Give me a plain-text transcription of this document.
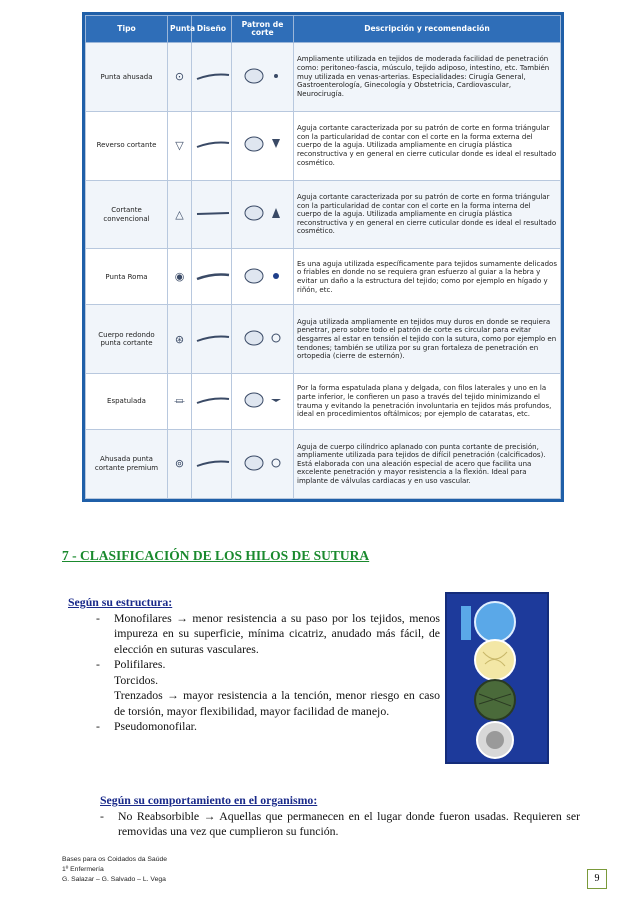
Tipo	Punta	Diseño	Patron de corte	Descripción y recomendación
Punta ahusada	⊙			Ampliamente utilizada en tejidos de moderada facilidad de penetración como: peritoneo-fascia, músculo, tejido adiposo, intestino, etc. También muy utilizada en venas-arterias. Especialidades: Cirugía General, Gastroenterología, Ginecología y Obstetricia, Cardiovascular, Neurocirugía.
Reverso cortante	▽			Aguja cortante caracterizada por su patrón de corte en forma triángular con la particularidad de contar con el corte en la forma externa del cuerpo de la aguja. Utilizada ampliamente en cirugía plástica reconstructiva y en general en cierre cuticular donde es ideal el resultado cosmético.
Cortante convencional	△			Aguja cortante caracterizada por su patrón de corte en forma triángular con la particularidad de contar con el corte en la forma interna del cuerpo de la aguja. Utilizada ampliamente en cirugía plástica reconstructiva y en general en cierre cuticular donde es ideal el resultado cosmético.
Punta Roma	◉			Es una aguja utilizada específicamente para tejidos sumamente delicados o friables en donde no se requiera gran esfuerzo al guiar a la hebra y evitar un daño a la estructura del tejido; como por ejemplo en hígado y riñón, etc.
Cuerpo redondo punta cortante	⊛			Aguja utilizada ampliamente en tejidos muy duros en donde se requiera penetrar, pero sobre todo el patrón de corte es circular para evitar desgarres al estar en tensión el tejido con la sutura, como por ejemplo en tendones; también se utiliza por su gran fortaleza de penetración en ortopedia (cierre de esternón).
Espatulada	⏛			Por la forma espatulada plana y delgada, con filos laterales y uno en la parte inferior, le confieren un paso a través del tejido minimizando el trauma y evitando la penetración involuntaria en tejidos más profundos, ideal en procedimientos oftálmicos; por ejemplo de cataratas, etc.
Ahusada punta cortante premium	⊚			Aguja de cuerpo cilíndrico aplanado con punta cortante de precisión, ampliamente utilizada para tejidos de difícil penetración (calcificados). Está elaborada con una aleación especial de acero que facilita una excelente penetración y mayor resistencia a la flexión. Ideal para implante de válvulas cardiacas y en uso vascular.
7 - CLASIFICACIÓN DE LOS HILOS DE SUTURA
Según su estructura:
- Monofilares → menor resistencia a su paso por los tejidos, menos impureza en su superficie, mínima cicatriz, anudado más fácil, de elección en suturas vasculares.
- Polifilares.
Torcidos.
Trenzados → mayor resistencia a la tención, menor riesgo en caso de torsión, mayor flexibilidad, mayor facilidad de manejo.
- Pseudomonofilar.
Según su comportamiento en el organismo:
- No Reabsorbible → Aquellas que permanecen en el lugar donde fueron usadas. Requieren ser removidas una vez que cumplieron su función.
Bases para os Coidados da Saúde
1º Enfermería
G. Salazar – G. Salvado – L. Vega	9
